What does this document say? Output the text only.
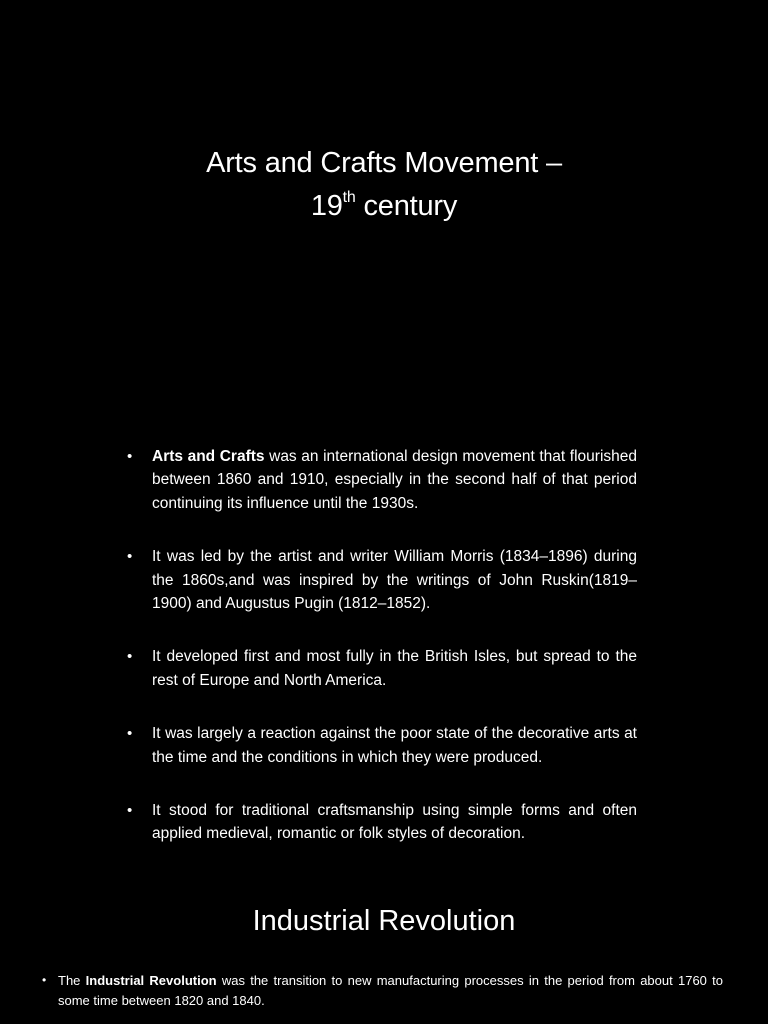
Arts and Crafts Movement –
19th century
• Arts and Crafts was an international design movement that flourished between 1860 and 1910, especially in the second half of that period continuing its influence until the 1930s.
• It was led by the artist and writer William Morris (1834–1896) during the 1860s,and was inspired by the writings of John Ruskin(1819–1900) and Augustus Pugin (1812–1852).
• It developed first and most fully in the British Isles, but spread to the rest of Europe and North America.
• It was largely a reaction against the poor state of the decorative arts at the time and the conditions in which they were produced.
• It stood for traditional craftsmanship using simple forms and often applied medieval, romantic or folk styles of decoration.
Industrial Revolution
• The Industrial Revolution was the transition to new manufacturing processes in the period from about 1760 to some time between 1820 and 1840.
